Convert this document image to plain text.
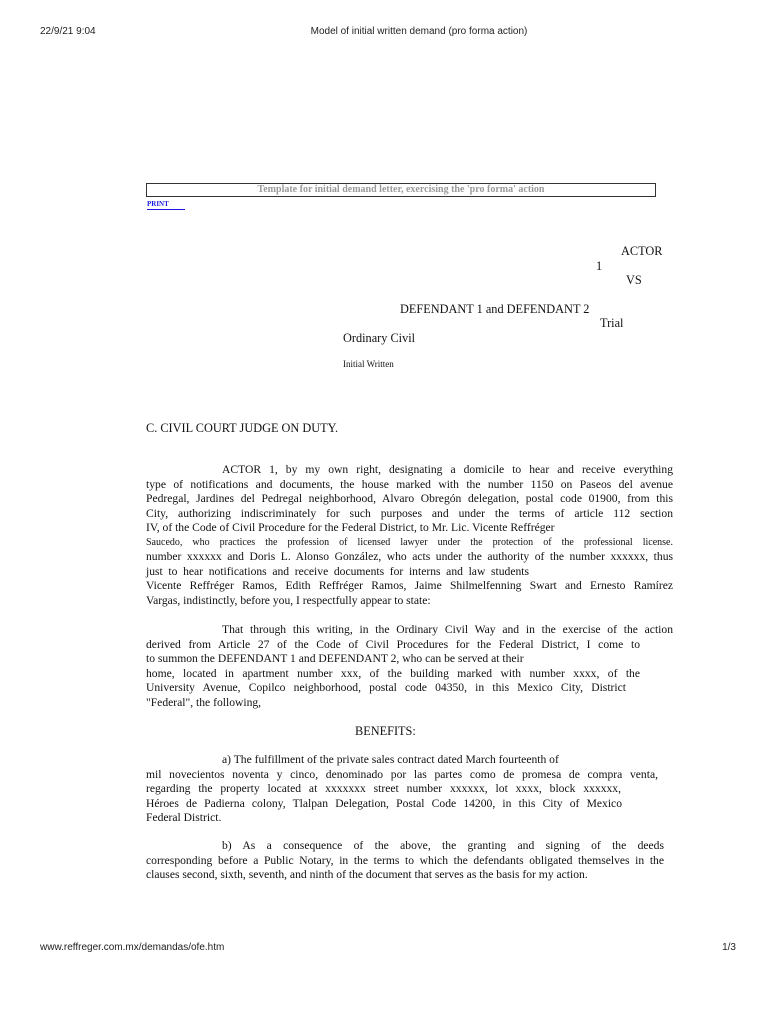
22/9/21 9:04	Model of initial written demand (pro forma action)
www.reffreger.com.mx/demandas/ofe.htm	1/3
Template for initial demand letter, exercising the 'pro forma' action
PRINT
ACTOR
1
VS
DEFENDANT 1 and DEFENDANT 2
Trial
Ordinary Civil
Initial Written
C. CIVIL COURT JUDGE ON DUTY.
ACTOR 1, by my own right, designating a domicile to hear and receive everything
type of notifications and documents, the house marked with the number 1150 on Paseos del avenue
Pedregal, Jardines del Pedregal neighborhood, Alvaro Obregón delegation, postal code 01900, from this
City, authorizing indiscriminately for such purposes and under the terms of article 112 section
IV, of the Code of Civil Procedure for the Federal District, to Mr. Lic. Vicente Reffréger
Saucedo, who practices the profession of licensed lawyer under the protection of the professional license.
number xxxxxx and Doris L. Alonso González, who acts under the authority of the number xxxxxx, thus
just to hear notifications and receive documents for interns and law students
Vicente Reffréger Ramos, Edith Reffréger Ramos, Jaime Shilmelfenning Swart and Ernesto Ramírez
Vargas, indistinctly, before you, I respectfully appear to state:
That through this writing, in the Ordinary Civil Way and in the exercise of the action
derived from Article 27 of the Code of Civil Procedures for the Federal District, I come to
to summon the DEFENDANT 1 and DEFENDANT 2, who can be served at their
home, located in apartment number xxx, of the building marked with number xxxx, of the
University Avenue, Copilco neighborhood, postal code 04350, in this Mexico City, District
"Federal", the following,
BENEFITS:
a) The fulfillment of the private sales contract dated March fourteenth of
mil novecientos noventa y cinco, denominado por las partes como de promesa de compra venta,
regarding the property located at xxxxxxx street number xxxxxx, lot xxxx, block xxxxxx,
Héroes de Padierna colony, Tlalpan Delegation, Postal Code 14200, in this City of Mexico
Federal District.
b) As a consequence of the above, the granting and signing of the deeds
corresponding before a Public Notary, in the terms to which the defendants obligated themselves in the
clauses second, sixth, seventh, and ninth of the document that serves as the basis for my action.
